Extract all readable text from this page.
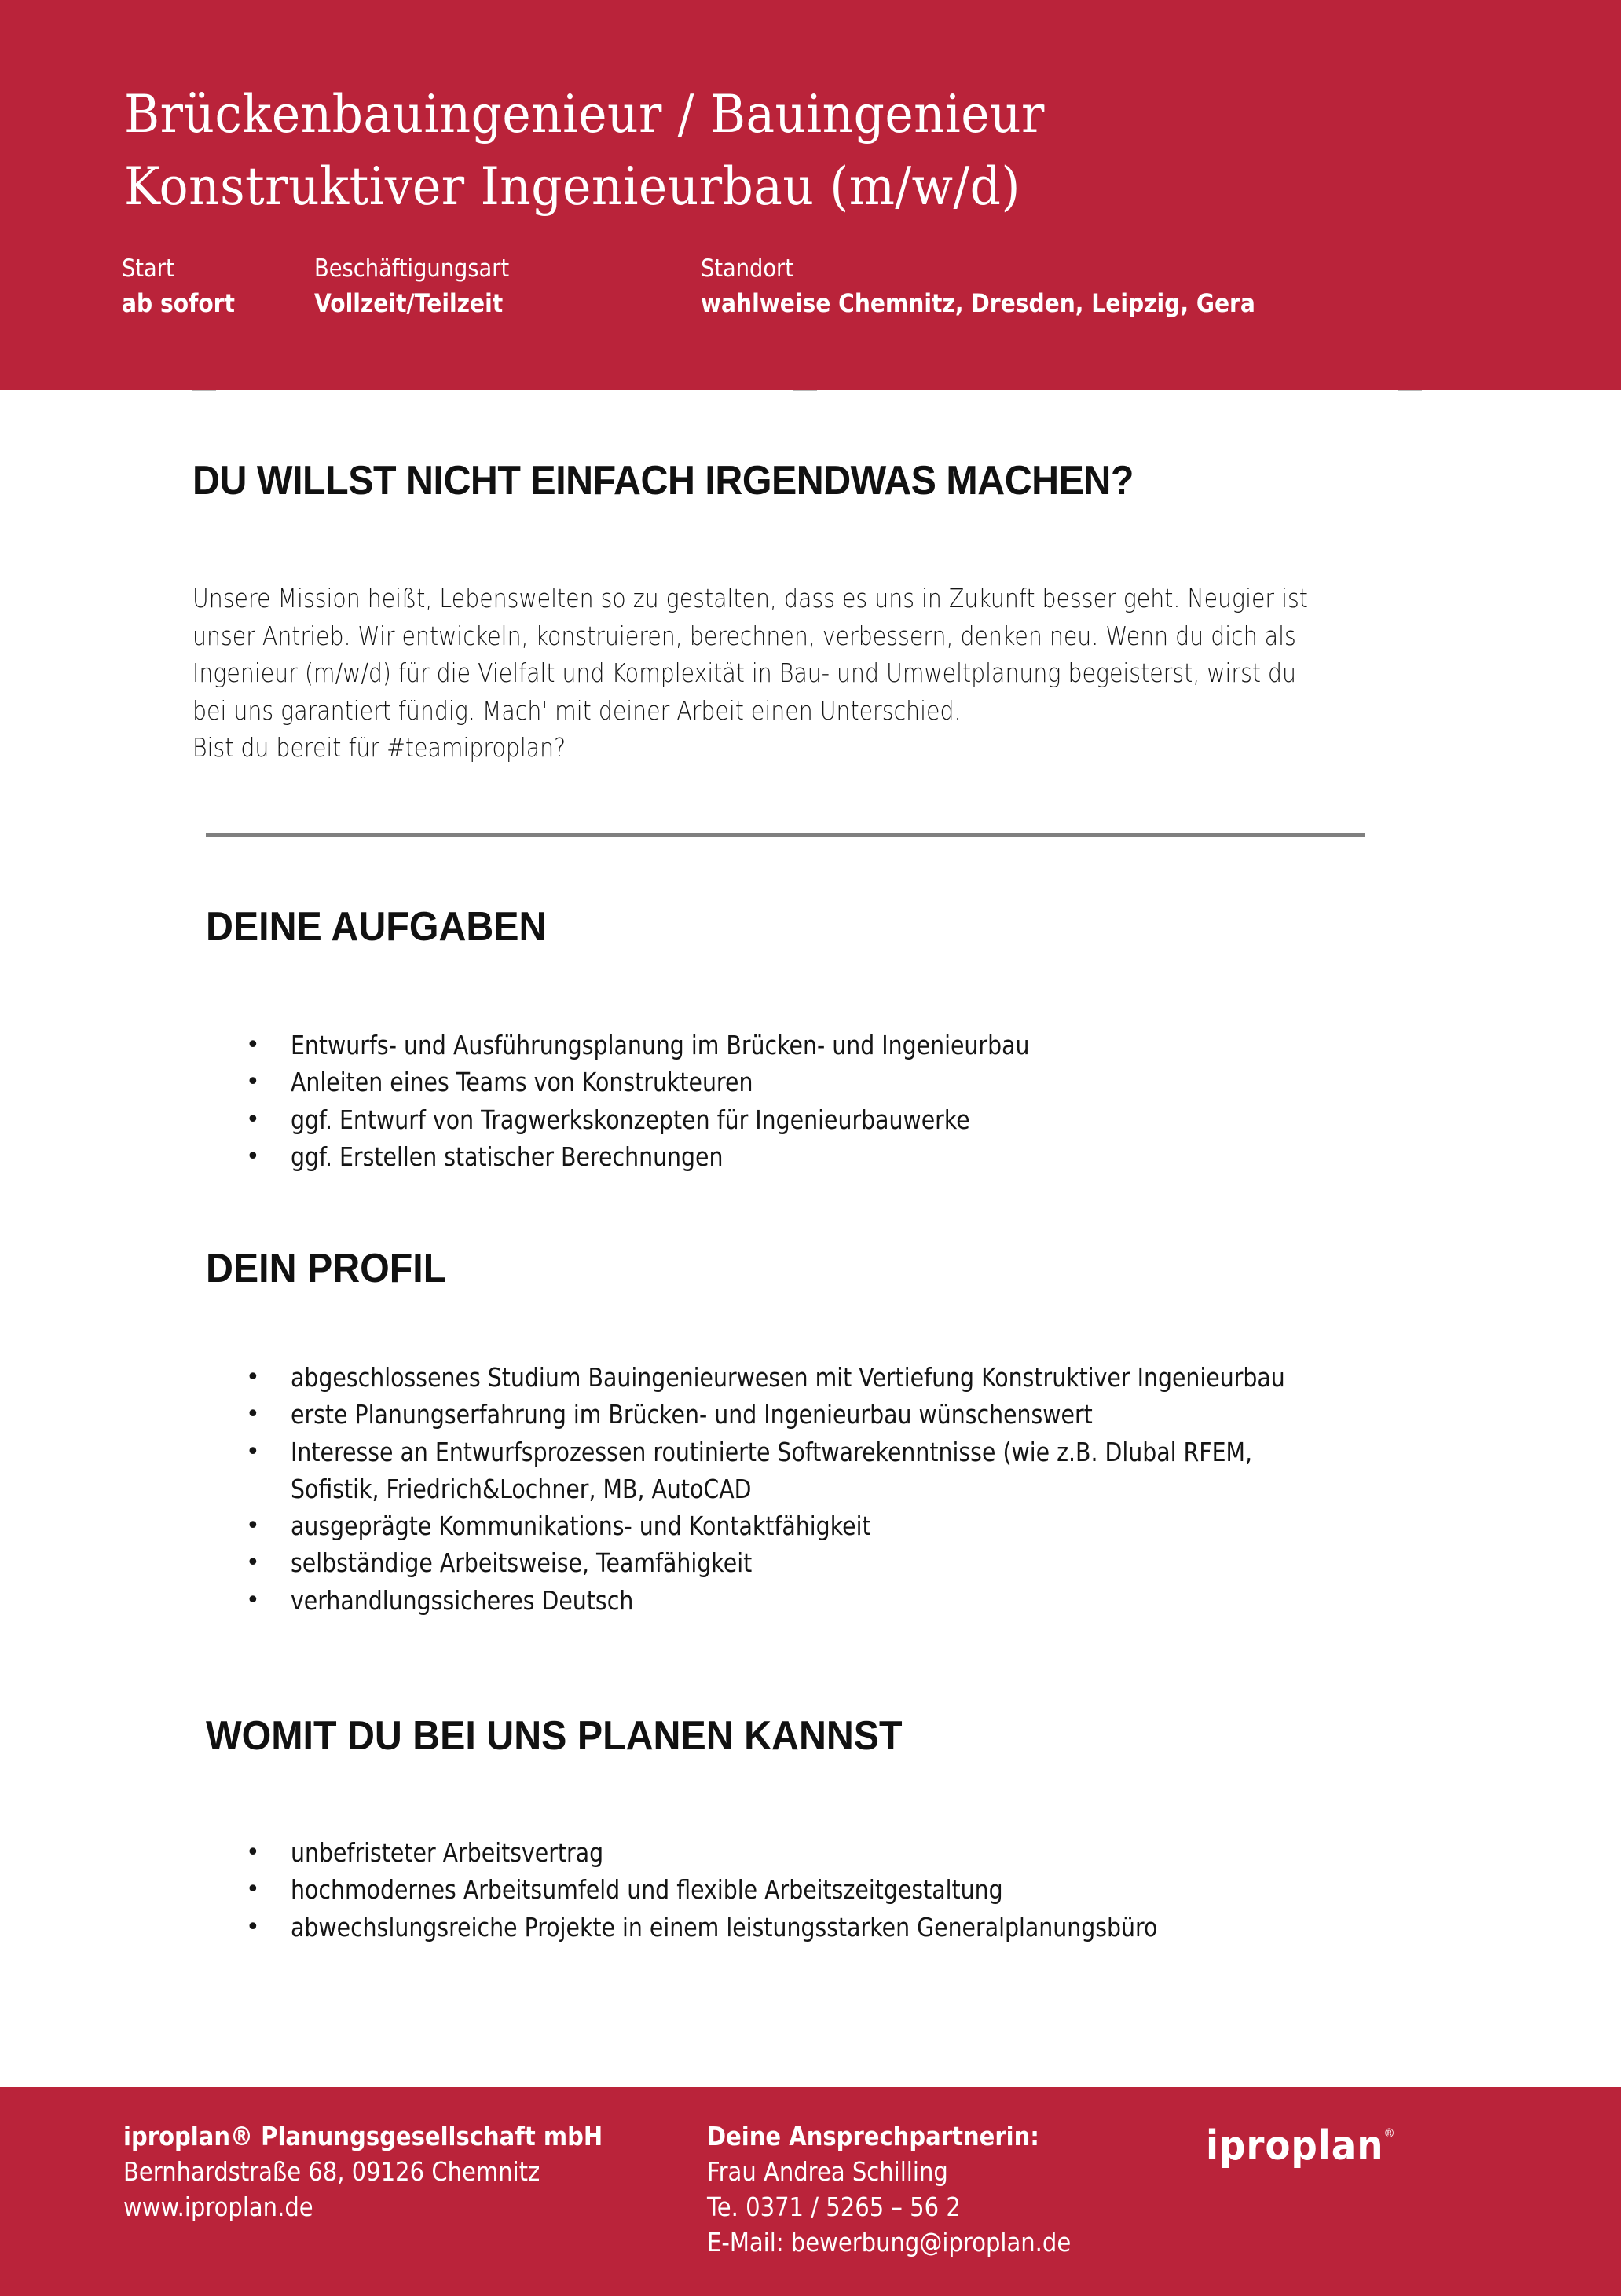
Brückenbauingenieur / Bauingenieur
Konstruktiver Ingenieurbau (m/w/d)
Start
ab sofort
Beschäftigungsart
Vollzeit/Teilzeit
Standort
wahlweise Chemnitz, Dresden, Leipzig, Gera
DU WILLST NICHT EINFACH IRGENDWAS MACHEN?
Unsere Mission heißt, Lebenswelten so zu gestalten, dass es uns in Zukunft besser geht. Neugier ist
unser Antrieb. Wir entwickeln, konstruieren, berechnen, verbessern, denken neu. Wenn du dich als
Ingenieur (m/w/d) für die Vielfalt und Komplexität in Bau- und Umweltplanung begeisterst, wirst du
bei uns garantiert fündig. Mach' mit deiner Arbeit einen Unterschied.
Bist du bereit für #teamiproplan?
DEINE AUFGABEN
• Entwurfs- und Ausführungsplanung im Brücken- und Ingenieurbau
• Anleiten eines Teams von Konstrukteuren
• ggf. Entwurf von Tragwerkskonzepten für Ingenieurbauwerke
• ggf. Erstellen statischer Berechnungen
DEIN PROFIL
• abgeschlossenes Studium Bauingenieurwesen mit Vertiefung Konstruktiver Ingenieurbau
• erste Planungserfahrung im Brücken- und Ingenieurbau wünschenswert
• Interesse an Entwurfsprozessen routinierte Softwarekenntnisse (wie z.B. Dlubal RFEM,
Sofistik, Friedrich&Lochner, MB, AutoCAD
• ausgeprägte Kommunikations- und Kontaktfähigkeit
• selbständige Arbeitsweise, Teamfähigkeit
• verhandlungssicheres Deutsch
WOMIT DU BEI UNS PLANEN KANNST
• unbefristeter Arbeitsvertrag
• hochmodernes Arbeitsumfeld und flexible Arbeitszeitgestaltung
• abwechslungsreiche Projekte in einem leistungsstarken Generalplanungsbüro
iproplan® Planungsgesellschaft mbH
Bernhardstraße 68, 09126 Chemnitz
www.iproplan.de
Deine Ansprechpartnerin:
Frau Andrea Schilling
Te. 0371 / 5265 – 56 2
E-Mail: bewerbung@iproplan.de
iproplan®
